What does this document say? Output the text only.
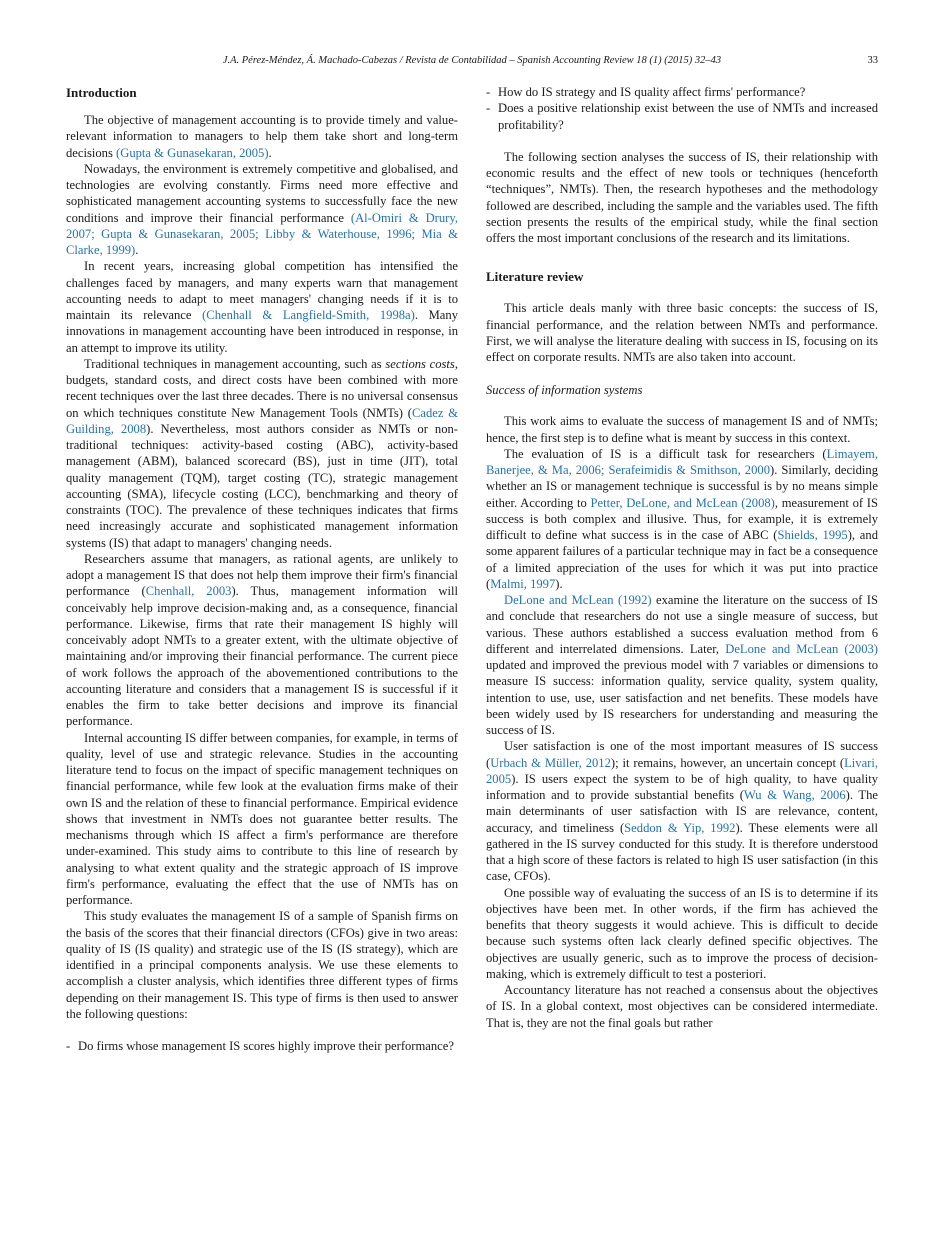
J.A. Pérez-Méndez, Á. Machado-Cabezas / Revista de Contabilidad – Spanish Accounting Review 18 (1) (2015) 32–43	33
Introduction

The objective of management accounting is to provide timely and value-relevant information to managers to help them take short and long-term decisions (Gupta & Gunasekaran, 2005).

Nowadays, the environment is extremely competitive and globalised, and technologies are evolving constantly. Firms need more effective and sophisticated management accounting systems to successfully face the new conditions and improve their financial performance (Al-Omiri & Drury, 2007; Gupta & Gunasekaran, 2005; Libby & Waterhouse, 1996; Mia & Clarke, 1999).

In recent years, increasing global competition has intensified the challenges faced by managers, and many experts warn that management accounting needs to adapt to meet managers' changing needs if it is to maintain its relevance (Chenhall & Langfield-Smith, 1998a). Many innovations in management accounting have been introduced in response, in an attempt to improve its utility.

Traditional techniques in management accounting, such as sections costs, budgets, standard costs, and direct costs have been combined with more recent techniques over the last three decades. There is no universal consensus on which techniques constitute New Management Tools (NMTs) (Cadez & Guilding, 2008). Nevertheless, most authors consider as NMTs or non-traditional techniques: activity-based costing (ABC), activity-based management (ABM), balanced scorecard (BS), just in time (JIT), total quality management (TQM), target costing (TC), strategic management accounting (SMA), lifecycle costing (LCC), benchmarking and theory of constraints (TOC). The prevalence of these techniques indicates that firms need increasingly accurate and sophisticated management information systems (IS) that adapt to managers' changing needs.

Researchers assume that managers, as rational agents, are unlikely to adopt a management IS that does not help them improve their firm's financial performance (Chenhall, 2003). Thus, management information will conceivably help improve decision-making and, as a consequence, financial performance. Likewise, firms that rate their management IS highly will conceivably adopt NMTs to a greater extent, with the ultimate objective of maintaining and/or improving their financial performance. The current piece of work follows the approach of the abovementioned contributions to the accounting literature and considers that a management IS is successful if it enables the firm to take better decisions and improve its financial performance.

Internal accounting IS differ between companies, for example, in terms of quality, level of use and strategic relevance. Studies in the accounting literature tend to focus on the impact of specific management techniques on financial performance, while few look at the evaluation firms make of their own IS and the relation of these to financial performance. Empirical evidence shows that investment in NMTs does not guarantee better results. The mechanisms through which IS affect a firm's performance are therefore under-examined. This study aims to contribute to this line of research by analysing to what extent quality and the strategic approach of IS improve firm's performance, evaluating the effect that the use of NMTs has on performance.

This study evaluates the management IS of a sample of Spanish firms on the basis of the scores that their financial directors (CFOs) give in two areas: quality of IS (IS quality) and strategic use of the IS (IS strategy), which are identified in a principal components analysis. We use these elements to accomplish a cluster analysis, which identifies three different types of firms depending on their management IS. This type of firms is then used to answer the following questions:

- Do firms whose management IS scores highly improve their performance?
- How do IS strategy and IS quality affect firms' performance?
- Does a positive relationship exist between the use of NMTs and increased profitability?

The following section analyses the success of IS, their relationship with economic results and the effect of new tools or techniques (henceforth “techniques”, NMTs). Then, the research hypotheses and the methodology followed are described, including the sample and the variables used. The fifth section presents the results of the empirical study, while the final section offers the most important conclusions of the research and its limitations.

Literature review

This article deals manly with three basic concepts: the success of IS, financial performance, and the relation between NMTs and performance. First, we will analyse the literature dealing with success in IS, focusing on its effect on corporate results. NMTs are also taken into account.

Success of information systems

This work aims to evaluate the success of management IS and of NMTs; hence, the first step is to define what is meant by success in this context.

The evaluation of IS is a difficult task for researchers (Limayem, Banerjee, & Ma, 2006; Serafeimidis & Smithson, 2000). Similarly, deciding whether an IS or management technique is successful is by no means simple either. According to Petter, DeLone, and McLean (2008), measurement of IS success is both complex and illusive. Thus, for example, it is extremely difficult to define what success is in the case of ABC (Shields, 1995), and some apparent failures of a particular technique may in fact be a consequence of a limited appreciation of the uses for which it was put into practice (Malmi, 1997).

DeLone and McLean (1992) examine the literature on the success of IS and conclude that researchers do not use a single measure of success, but various. These authors established a success evaluation method from 6 different and interrelated dimensions. Later, DeLone and McLean (2003) updated and improved the previous model with 7 variables or dimensions to measure IS success: information quality, service quality, system quality, intention to use, use, user satisfaction and net benefits. These models have been widely used by IS researchers for understanding and measuring the success of IS.

User satisfaction is one of the most important measures of IS success (Urbach & Müller, 2012); it remains, however, an uncertain concept (Livari, 2005). IS users expect the system to be of high quality, to have quality information and to provide substantial benefits (Wu & Wang, 2006). The main determinants of user satisfaction with IS are relevance, content, accuracy, and timeliness (Seddon & Yip, 1992). These elements were all gathered in the IS survey conducted for this study. It is therefore understood that a high score of these factors is related to high IS user satisfaction (in this case, CFOs).

One possible way of evaluating the success of an IS is to determine if its objectives have been met. In other words, if the firm has achieved the benefits that theory suggests it would achieve. This is difficult to decide because such systems often lack clearly defined specific objectives. The objectives are usually generic, such as to improve the process of decision-making, which is extremely difficult to test a posteriori.

Accountancy literature has not reached a consensus about the objectives of IS. In a global context, most objectives can be considered intermediate. That is, they are not the final goals but rather
